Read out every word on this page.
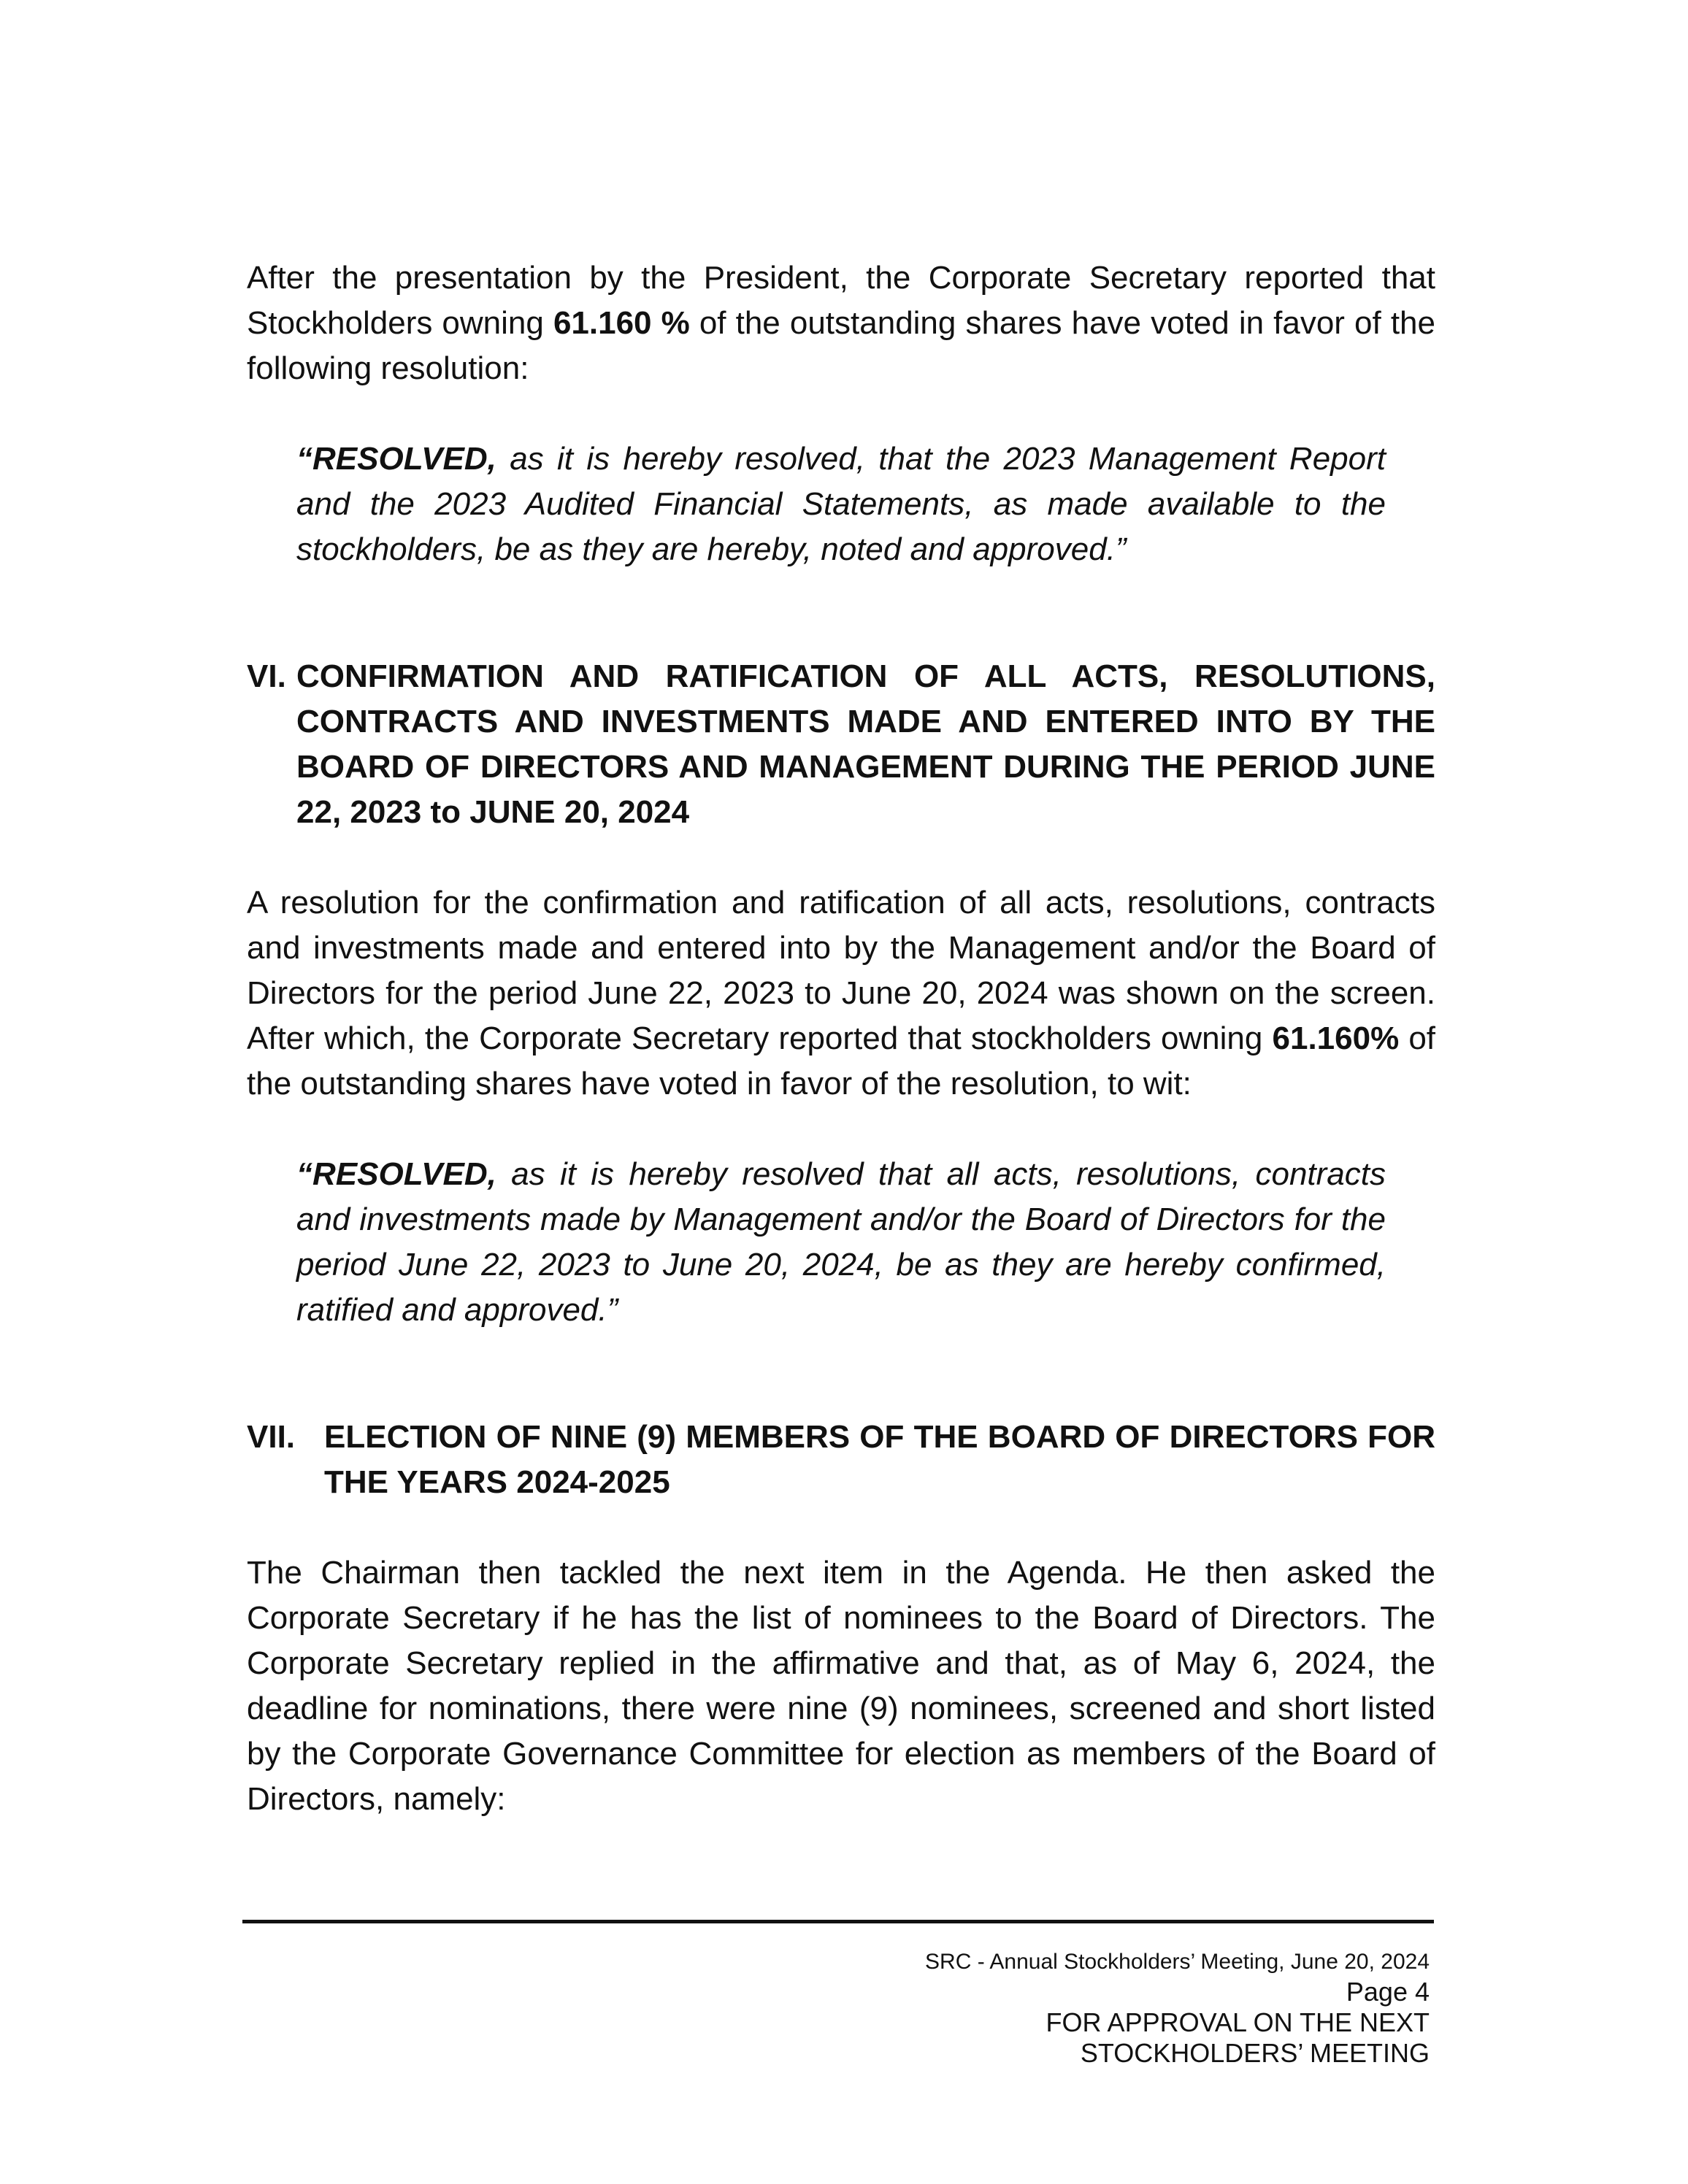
After the presentation by the President, the Corporate Secretary reported that Stockholders owning 61.160 % of the outstanding shares have voted in favor of the following resolution:

“RESOLVED, as it is hereby resolved, that the 2023 Management Report and the 2023 Audited Financial Statements, as made available to the stockholders, be as they are hereby, noted and approved.”

VI. CONFIRMATION AND RATIFICATION OF ALL ACTS, RESOLUTIONS, CONTRACTS AND INVESTMENTS MADE AND ENTERED INTO BY THE BOARD OF DIRECTORS AND MANAGEMENT DURING THE PERIOD JUNE 22, 2023 to JUNE 20, 2024

A resolution for the confirmation and ratification of all acts, resolutions, contracts and investments made and entered into by the Management and/or the Board of Directors for the period June 22, 2023 to June 20, 2024 was shown on the screen. After which, the Corporate Secretary reported that stockholders owning 61.160% of the outstanding shares have voted in favor of the resolution, to wit:

“RESOLVED, as it is hereby resolved that all acts, resolutions, contracts and investments made by Management and/or the Board of Directors for the period June 22, 2023 to June 20, 2024, be as they are hereby confirmed, ratified and approved.”

VII. ELECTION OF NINE (9) MEMBERS OF THE BOARD OF DIRECTORS FOR THE YEARS 2024-2025

The Chairman then tackled the next item in the Agenda. He then asked the Corporate Secretary if he has the list of nominees to the Board of Directors. The Corporate Secretary replied in the affirmative and that, as of May 6, 2024, the deadline for nominations, there were nine (9) nominees, screened and short listed by the Corporate Governance Committee for election as members of the Board of Directors, namely:

SRC - Annual Stockholders’ Meeting, June 20, 2024
Page 4
FOR APPROVAL ON THE NEXT
STOCKHOLDERS’ MEETING
